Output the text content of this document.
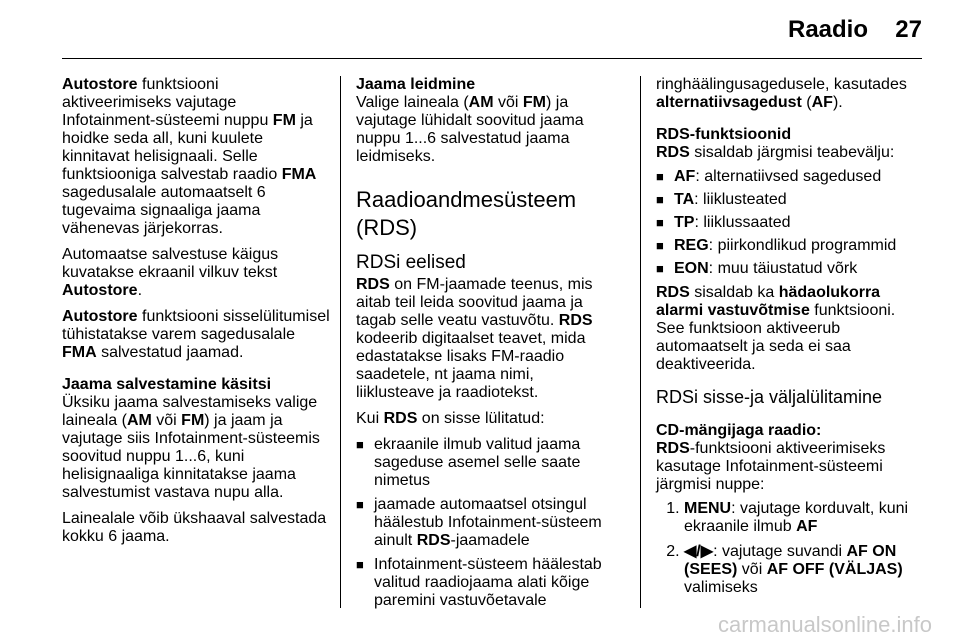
Raadio 27

Autostore funktsiooni aktiveerimiseks vajutage Infotainment-süsteemi nuppu FM ja hoidke seda all, kuni kuulete kinnitavat helisignaali. Selle funktsiooniga salvestab raadio FMA sagedusalale automaatselt 6 tugevaima signaaliga jaama vähenevas järjekorras.

Automaatse salvestuse käigus kuvatakse ekraanil vilkuv tekst Autostore.

Autostore funktsiooni sisselülitumisel tühistatakse varem sagedusalale FMA salvestatud jaamad.

Jaama salvestamine käsitsi

Üksiku jaama salvestamiseks valige laineala (AM või FM) ja jaam ja vajutage siis Infotainment-süsteemis soovitud nuppu 1...6, kuni helisignaaliga kinnitatakse jaama salvestumist vastava nupu alla.

Lainealale võib ükshaaval salvestada kokku 6 jaama.

Jaama leidmine

Valige laineala (AM või FM) ja vajutage lühidalt soovitud jaama nuppu 1...6 salvestatud jaama leidmiseks.

Raadioandmesüsteem (RDS)
RDSi eelised

RDS on FM-jaamade teenus, mis aitab teil leida soovitud jaama ja tagab selle veatu vastuvõtu. RDS kodeerib digitaalset teavet, mida edastatakse lisaks FM-raadio saadetele, nt jaama nimi, liiklusteave ja raadiotekst.

Kui RDS on sisse lülitatud:

■ ekraanile ilmub valitud jaama sageduse asemel selle saate nimetus
■ jaamade automaatsel otsingul häälestub Infotainment-süsteem ainult RDS-jaamadele
■ Infotainment-süsteem häälestab valitud raadiojaama alati kõige paremini vastuvõetavale

ringhäälingusagedusele, kasutades alternatiivsagedust (AF).

RDS-funktsioonid

RDS sisaldab järgmisi teabevälju:

■ AF: alternatiivsed sagedused
■ TA: liiklusteated
■ TP: liiklussaated
■ REG: piirkondlikud programmid
■ EON: muu täiustatud võrk

RDS sisaldab ka hädaolukorra alarmi vastuvõtmise funktsiooni. See funktsioon aktiveerub automaatselt ja seda ei saa deaktiveerida.

RDSi sisse-ja väljalülitamine
CD-mängijaga raadio:

RDS-funktsiooni aktiveerimiseks kasutage Infotainment-süsteemi järgmisi nuppe:

1. MENU: vajutage korduvalt, kuni ekraanile ilmub AF
2. ◀/▶: vajutage suvandi AF ON (SEES) või AF OFF (VÄLJAS) valimiseks
carmanualsonline.info
